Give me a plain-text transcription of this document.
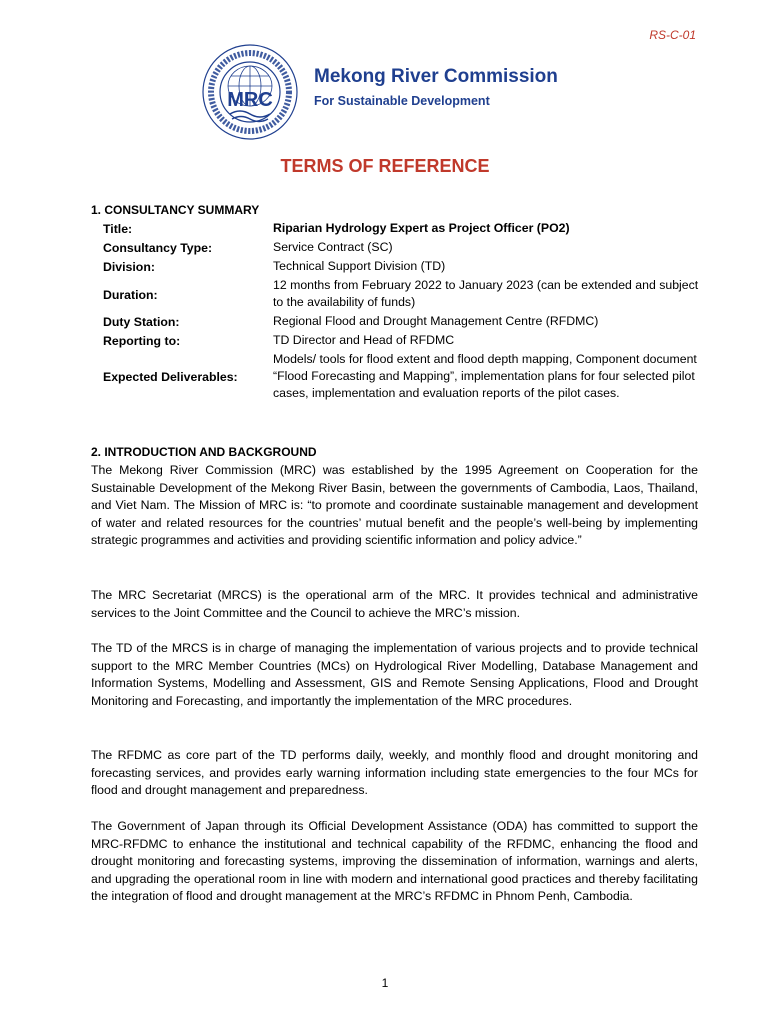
RS-C-01
MRC
Mekong River Commission
For Sustainable Development
TERMS OF REFERENCE
1. CONSULTANCY SUMMARY
Title:	Riparian Hydrology Expert as Project Officer (PO2)
Consultancy Type:	Service Contract (SC)
Division:	Technical Support Division (TD)
Duration:	12 months from February 2022 to January 2023 (can be extended and subject to the availability of funds)
Duty Station:	Regional Flood and Drought Management Centre (RFDMC)
Reporting to:	TD Director and Head of RFDMC
Expected Deliverables:	Models/ tools for flood extent and flood depth mapping, Component document “Flood Forecasting and Mapping”, implementation plans for four selected pilot cases, implementation and evaluation reports of the pilot cases.
2. INTRODUCTION AND BACKGROUND

The Mekong River Commission (MRC) was established by the 1995 Agreement on Cooperation for the Sustainable Development of the Mekong River Basin, between the governments of Cambodia, Laos, Thailand, and Viet Nam. The Mission of MRC is: “to promote and coordinate sustainable management and development of water and related resources for the countries’ mutual benefit and the people’s well-being by implementing strategic programmes and activities and providing scientific information and policy advice.”

The MRC Secretariat (MRCS) is the operational arm of the MRC. It provides technical and administrative services to the Joint Committee and the Council to achieve the MRC’s mission.

The TD of the MRCS is in charge of managing the implementation of various projects and to provide technical support to the MRC Member Countries (MCs) on Hydrological River Modelling, Database Management and Information Systems, Modelling and Assessment, GIS and Remote Sensing Applications, Flood and Drought Monitoring and Forecasting, and importantly the implementation of the MRC procedures.

The RFDMC as core part of the TD performs daily, weekly, and monthly flood and drought monitoring and forecasting services, and provides early warning information including state emergencies to the four MCs for flood and drought management and preparedness.

The Government of Japan through its Official Development Assistance (ODA) has committed to support the MRC-RFDMC to enhance the institutional and technical capability of the RFDMC, enhancing the flood and drought monitoring and forecasting systems, improving the dissemination of information, warnings and alerts, and upgrading the operational room in line with modern and international good practices and thereby facilitating the integration of flood and drought management at the MRC’s RFDMC in Phnom Penh, Cambodia.

1
